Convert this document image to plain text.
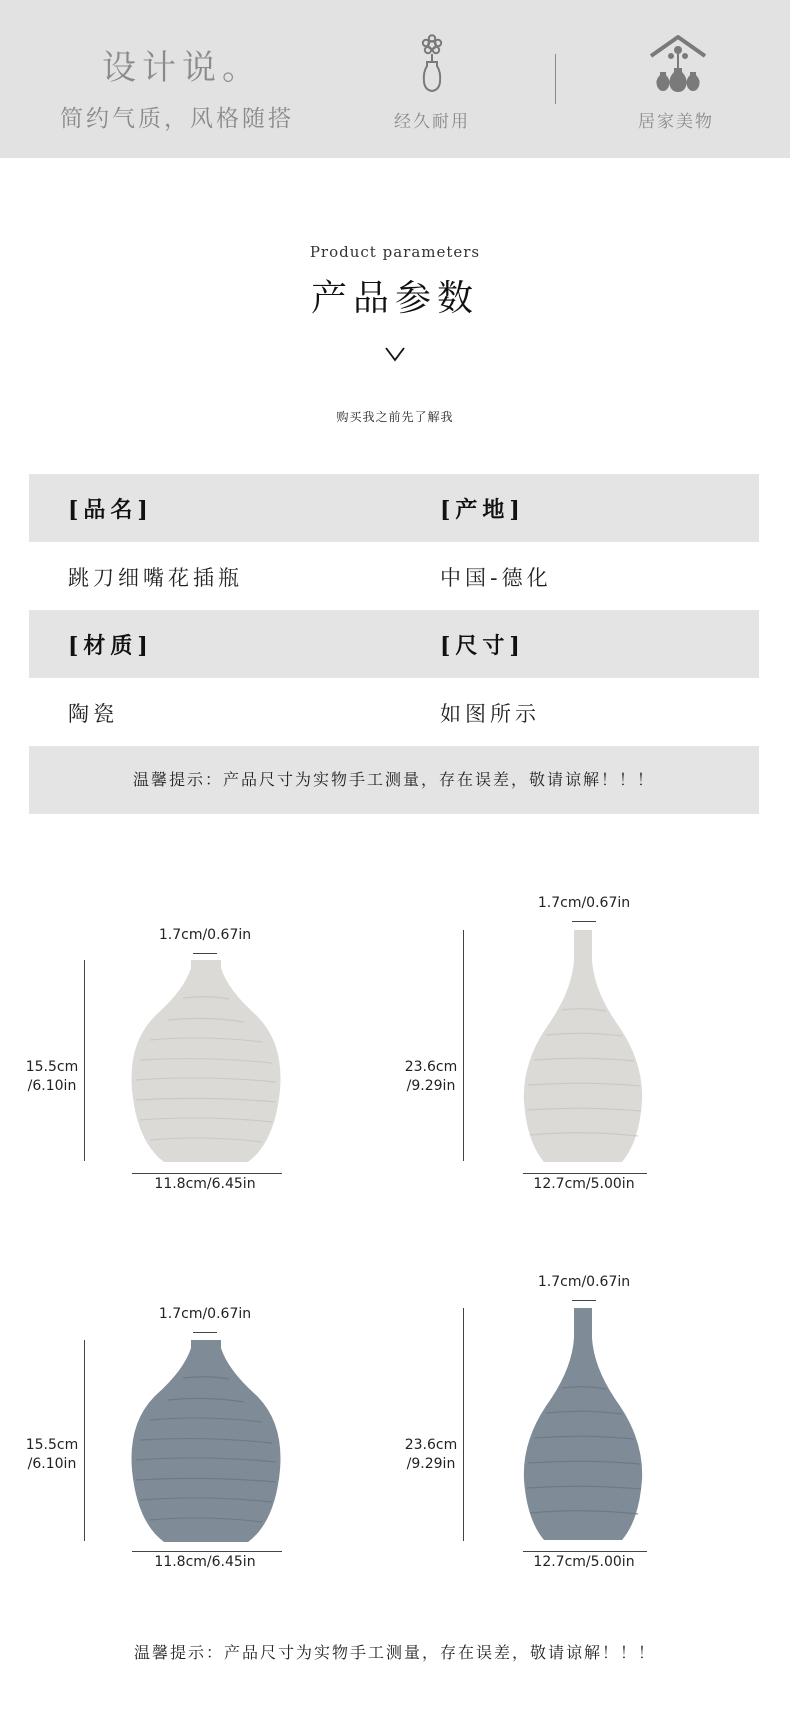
设计说。
简约气质，风格随搭	经久耐用	居家美物
Product parameters
产品参数
购买我之前先了解我
[品名]	[产地]
跳刀细嘴花插瓶	中国-德化
[材质]	[尺寸]
陶瓷	如图所示
温馨提示：产品尺寸为实物手工测量，存在误差，敬请谅解！！！
1.7cm/0.67in
15.5cm
/6.10in
11.8cm/6.45in
1.7cm/0.67in
23.6cm
/9.29in
12.7cm/5.00in
1.7cm/0.67in
15.5cm
/6.10in
11.8cm/6.45in
1.7cm/0.67in
23.6cm
/9.29in
12.7cm/5.00in
温馨提示：产品尺寸为实物手工测量，存在误差，敬请谅解！！！
